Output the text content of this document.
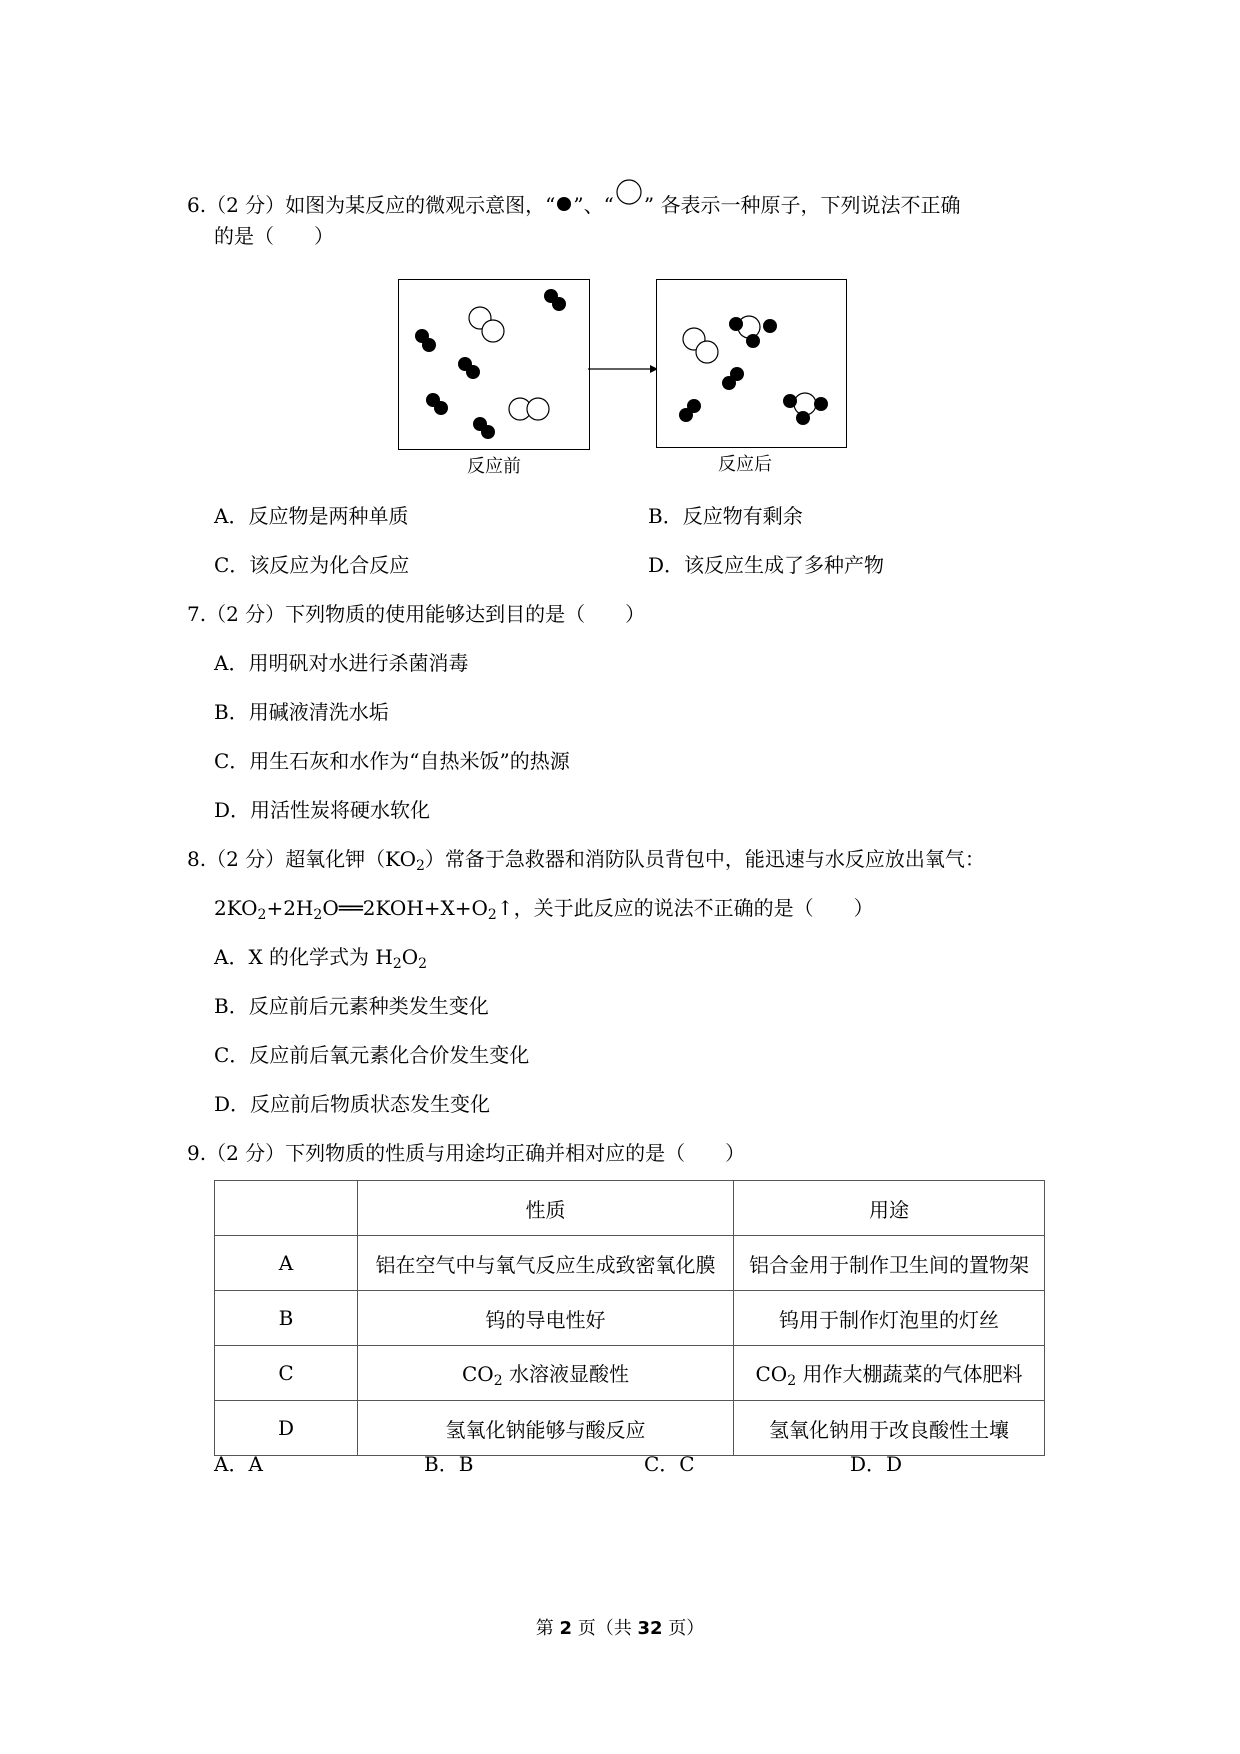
6.（2 分）如图为某反应的微观示意图，“ ”、“ ” 各表示一种原子，下列说法不正确
的是（　　）
反应前	反应后
A．反应物是两种单质	B．反应物有剩余
C．该反应为化合反应	D．该反应生成了多种产物
7.（2 分）下列物质的使用能够达到目的是（　　）
A．用明矾对水进行杀菌消毒
B．用碱液清洗水垢
C．用生石灰和水作为“自热米饭”的热源
D．用活性炭将硬水软化
8.（2 分）超氧化钾$(KO_2)$常备于急救器和消防队员背包中，能迅速与水反应放出氧气：
$2KO_2+2H_2O══2KOH+X+O_2↑$，关于此反应的说法不正确的是（　　）
A．X 的化学式为 $H_2O_2$
B．反应前后元素种类发生变化
C．反应前后氧元素化合价发生变化
D．反应前后物质状态发生变化
9.（2 分）下列物质的性质与用途均正确并相对应的是（　　）
	性质	用途
A	铝在空气中与氧气反应生成致密氧化膜	铝合金用于制作卫生间的置物架
B	钨的导电性好	钨用于制作灯泡里的灯丝
C	$CO_2$ 水溶液显酸性	$CO_2$ 用作大棚蔬菜的气体肥料
D	氢氧化钠能够与酸反应	氢氧化钠用于改良酸性土壤
A．A	B．B	C．C	D．D
第 2 页（共 32 页）
